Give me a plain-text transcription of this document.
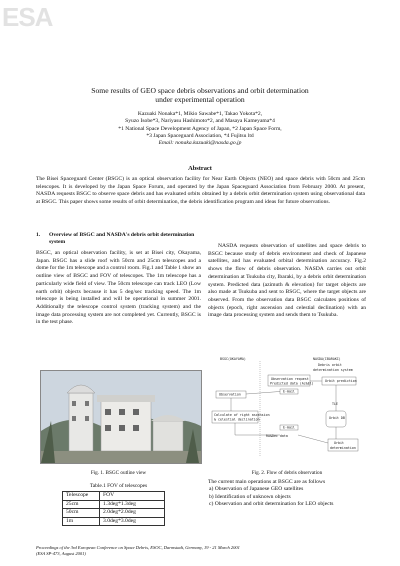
ESA
Some results of GEO space debris observations and orbit determination
under experimental operation
Kazuaki Nonaka*1, Mikio Sawabe*1, Takao Yokota*2,
Syuzo Isobe*3, Nariyasu Hashimoto*2, and Masaya Kameyama*4
*1 National Space Development Agency of Japan, *2 Japan Space Form,
*3 Japan Spaceguard Association, *4 Fujitsu ltd
Email: nonaka.kazuaki@nasda.go.jp
Abstract
The Bisei Spaceguard Center (BSGC) is an optical observation facility for Near Earth Objects (NEO) and space debris with 50cm and 25cm telescopes. It is developed by the Japan Space Forum, and operated by the Japan Spaceguard Association from February 2000. At present, NASDA requests BSGC to observe space debris and has evaluated orbits obtained by a debris orbit determination system using observational data at BSGC. This paper shows some results of orbit determination, the debris identification program and ideas for future observations.
1.	Overview of BSGC and NASDA's debris orbit determination system
BSGC, an optical observation facility, is set at Bisei city, Okayama, Japan. BSGC has a slide roof with 50cm and 25cm telescopes and a dome for the 1m telescope and a control room. Fig.1 and Table 1 show an outline view of BSGC and FOV of telescopes. The 1m telescope has a particularly wide field of view. The 50cm telescope can track LEO (Low earth orbit) objects because it has 5 deg/sec tracking speed. The 1m telescope is being installed and will be operational in summer 2001. Additionally the telescope control system (tracking system) and the image data processing system are not completed yet. Currently, BSGC is in the test phase.
NASDA requests observation of satellites and space debris to BSGC because study of debris environment and check of Japanese satellites, and has evaluated orbital determination accuracy. Fig.2 shows the flow of debris observation. NASDA carries out orbit determination at Tsukuba city, Ibaraki, by a debris orbit determination system. Predicted data (azimuth & elevation) for target objects are also made at Tsukuba and sent to BSGC, where the target objects are observed. From the observation data BSGC calculates positions of objects (epoch, right ascension and celestial declination) with an image data processing system and sends them to Tsukuba.
BSGC(OKAYAMA)	NASDA(IBARAKI)
Debris orbit
determination system
Observation request
Predicted data (Az&El)
Orbit prediction
E-mail
Observation
Calculate of right ascension
& celestial declination
E-mail
Orbit DB
TLE
RA&Dec data
Orbit
determination
Fig. 1. BSGC outline view	Fig. 2. Flow of debris observation
Table.1 FOV of telescopes
Telescope	FOV
25cm	1.3deg*1.3deg
50cm	2.0deg*2.0deg
1m	3.0deg*3.0deg
The current main operations at BSGC are as follows
a) Observation of Japanese GEO satellites
b) Identification of unknown objects
c) Observation and orbit determination for LEO objects
Proceedings of the 3rd European Conference on Space Debris, ESOC, Darmstadt, Germany, 19 - 21 March 2001
(ESA SP-473, August 2001)
